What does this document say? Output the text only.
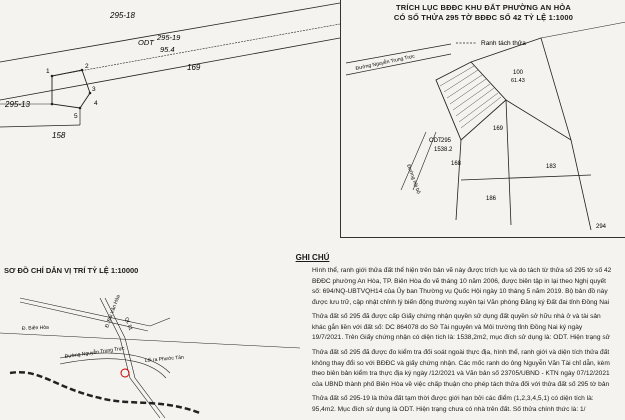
295-18
ODT
295-19
95.4
169
295-13
158
1
2
3
4
5
TRÍCH LỤC BĐĐC KHU ĐẤT PHƯỜNG AN HÒA
CÓ SỐ THỬA 295 TỜ BĐĐC SỐ 42 TỶ LỆ 1:1000
Ranh tách thửa
Đường Nguyễn Trung Trực
Đường nội bộ
295
ODT
1538.2
169
100
61.43
168	183
186
294
GHI CHÚ
Hình thể, ranh giới thửa đất thể hiện trên bản vẽ này được trích lục và do tách từ thửa số 295 tờ số 42 BĐĐC phường An Hòa, TP. Biên Hòa đo vẽ tháng 10 năm 2006, được biên tập in lại theo Nghị quyết số: 694/NQ-UBTVQH14 của Ủy ban Thường vụ Quốc Hội ngày 10 tháng 5 năm 2019. Bộ bản đồ này được lưu trữ, cập nhật chỉnh lý biến động thường xuyên tại Văn phòng Đăng ký Đất đai tỉnh Đồng Nai
Thửa đất số 295 đã được cấp Giấy chứng nhận quyền sử dụng đất quyền sở hữu nhà ở và tài sản khác gắn liền với đất số: DC 864078 do Sở Tài nguyên và Môi trường tỉnh Đồng Nai ký ngày 19/7/2021. Trên Giấy chứng nhận có diện tích là: 1538,2m2, mục đích sử dụng là: ODT. Hiện trạng sử
Thửa đất số 295 đã được đo kiểm tra đối soát ngoài thực địa, hình thể, ranh giới và diện tích thửa đất không thay đổi so với BĐĐC và giấy chứng nhận. Các mốc ranh do ông Nguyễn Văn Tài chỉ dẫn, kèm theo biên bản kiểm tra thực địa ký ngày /12/2021 và Văn bản số 23705/UBND - KTN ngày 07/12/2021 của UBND thành phố Biên Hòa về việc chấp thuận cho phép tách thửa đối với thửa đất số 295 tờ bản
Thửa đất số 295-19 là thửa đất tạm thời được giới hạn bởi các điểm (1,2,3,4,5,1) có diện tích là: 95,4m2. Mục đích sử dụng là ODT. Hiện trạng chưa có nhà trên đất. Số thửa chính thức là: 1/
SƠ ĐỒ CHỈ DẪN VỊ TRÍ TỶ LỆ 1:10000
Đ. Biên Hòa
Đường Nguyễn Trung Trực
QL 51
Lối ra Phước Tân
Đ. Bùi Văn Hòa
